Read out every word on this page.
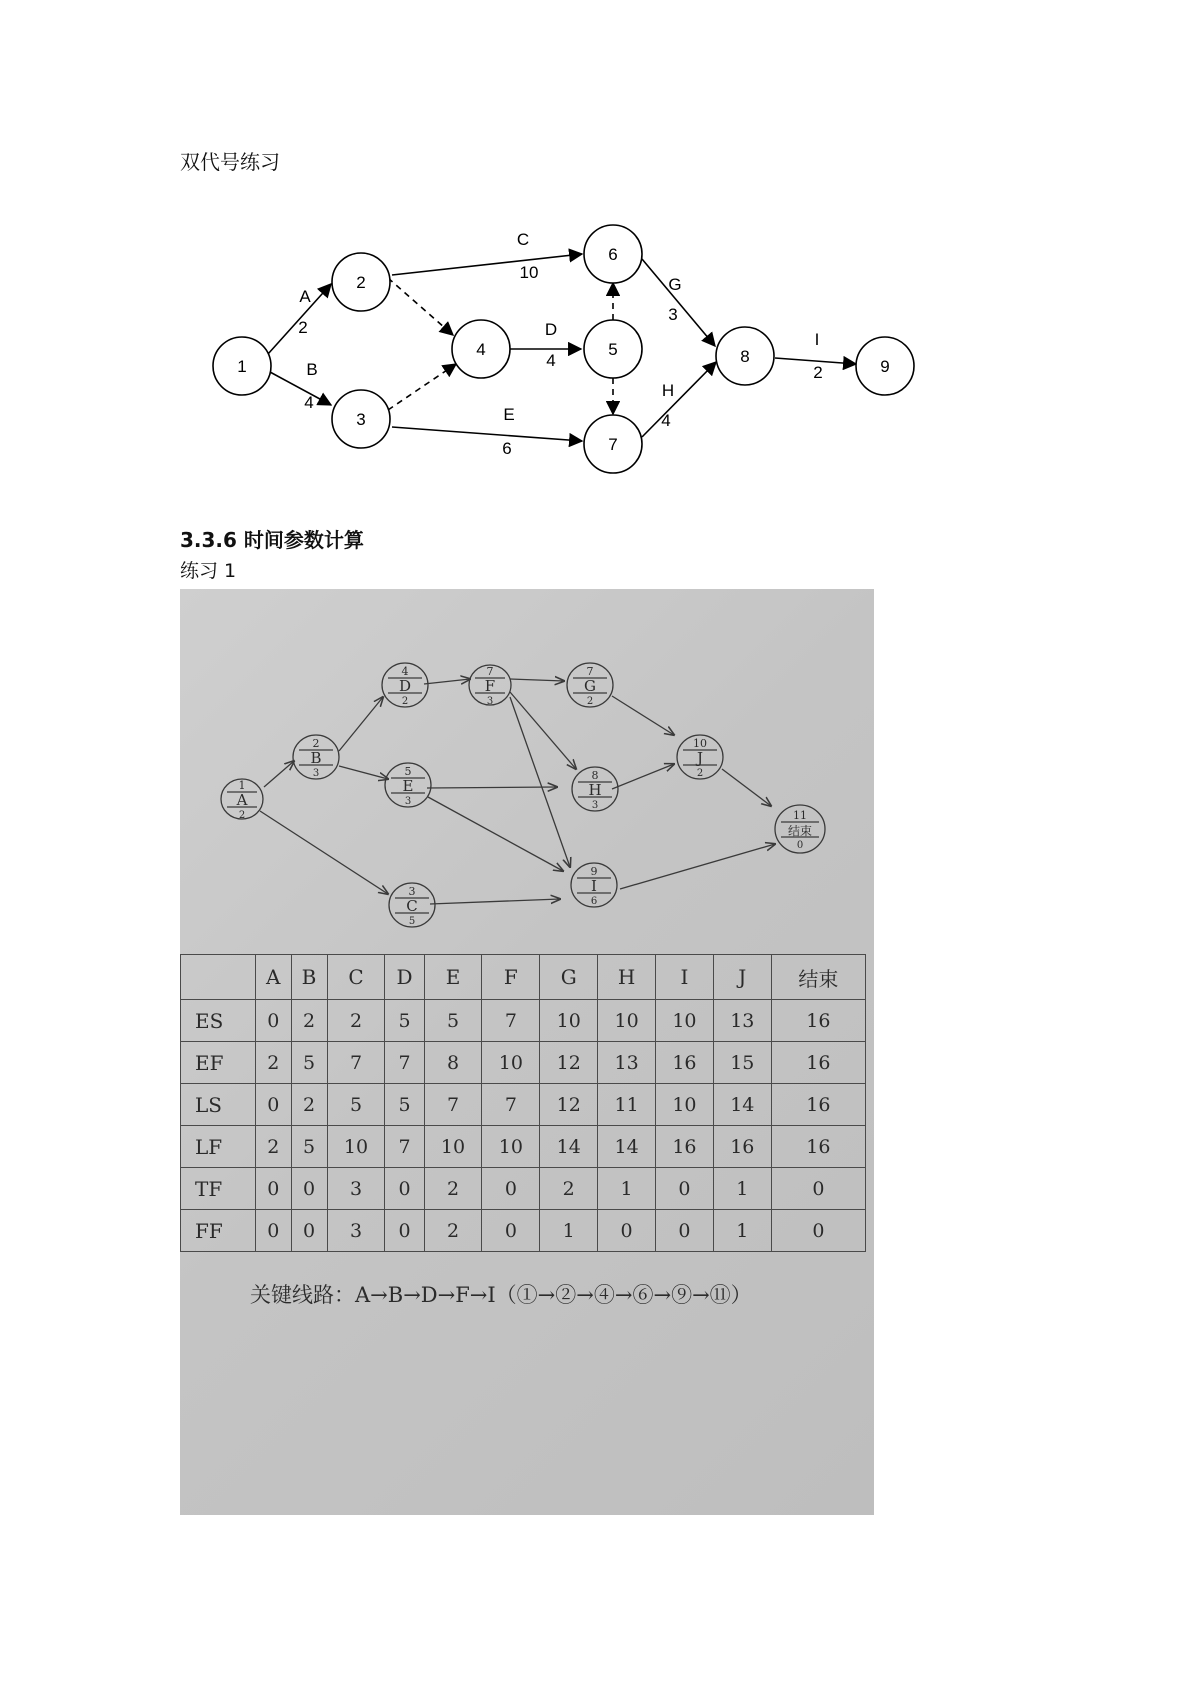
双代号练习
1
2
3
4	5
6
7
8
9
A
2
B
4
C
10
D
4
E
6
G
3
H
4
I
2
3.3.6 时间参数计算
练习 1
1
A
2
2
B
3
4
D
2
5
E
3
3
C
5
7
F
3
7
G
2
8
H
3
9
I
6
10
J
2
11
结束
0
	A	B	C	D	E	F	G	H	I	J	结束
ES	0	2	2	5	5	7	10	10	10	13	16
EF	2	5	7	7	8	10	12	13	16	15	16
LS	0	2	5	5	7	7	12	11	10	14	16
LF	2	5	10	7	10	10	14	14	16	16	16
TF	0	0	3	0	2	0	2	1	0	1	0
FF	0	0	3	0	2	0	1	0	0	1	0
关键线路：A→B→D→F→I（①→②→④→⑥→⑨→⑪）
